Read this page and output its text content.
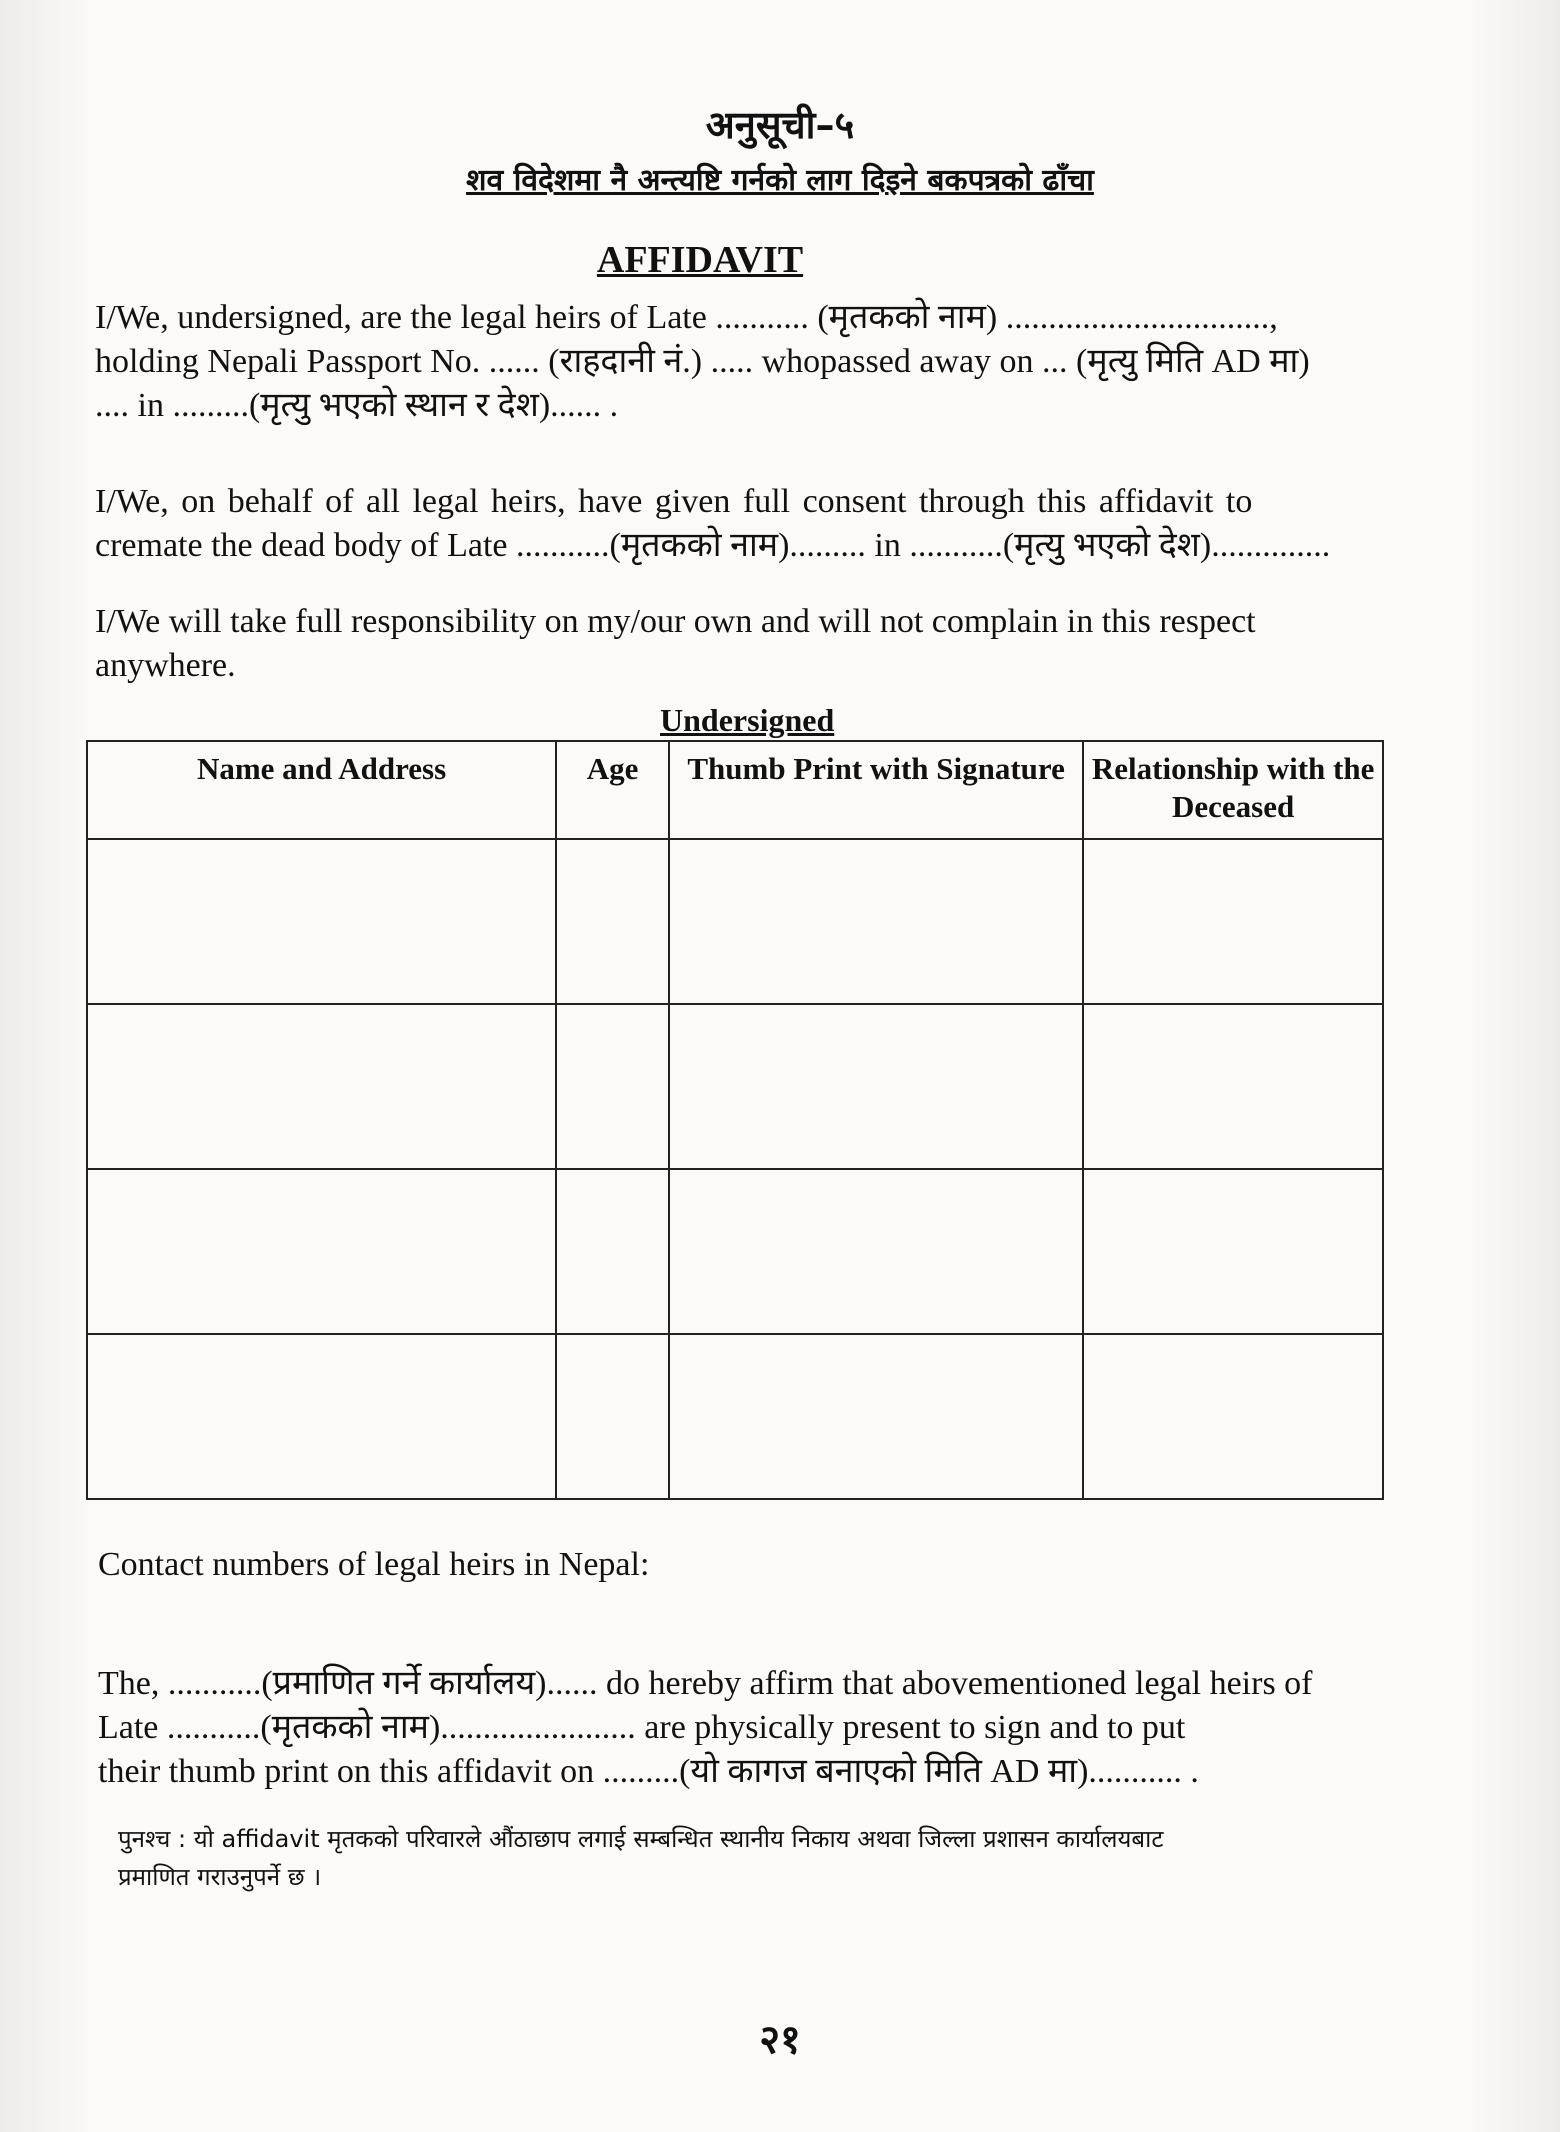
अनुसूची–५
शव विदेशमा नै अन्त्यष्टि गर्नको लाग दिइने बकपत्रको ढाँचा
AFFIDAVIT
I/We, undersigned, are the legal heirs of Late ........... (मृतकको नाम) ...............................,
holding Nepali Passport No. ...... (राहदानी नं.) ..... whopassed away on ... (मृत्यु मिति AD मा)
.... in .........(मृत्यु भएको स्थान र देश)...... .
I/We, on behalf of all legal heirs, have given full consent through this affidavit to
cremate the dead body of Late ...........(मृतकको नाम)......... in ...........(मृत्यु भएको देश)..............
I/We will take full responsibility on my/our own and will not complain in this respect
anywhere.
Undersigned
Name and Address	Age	Thumb Print with Signature	Relationship with the Deceased

Contact numbers of legal heirs in Nepal:
The, ...........(प्रमाणित गर्ने कार्यालय)...... do hereby affirm that abovementioned legal heirs of
Late ...........(मृतकको नाम)....................... are physically present to sign and to put
their thumb print on this affidavit on .........(यो कागज बनाएको मिति AD मा)........... .
पुनश्च : यो affidavit मृतकको परिवारले औंठाछाप लगाई सम्बन्धित स्थानीय निकाय अथवा जिल्ला प्रशासन कार्यालयबाट
प्रमाणित गराउनुपर्ने छ ।
२१
